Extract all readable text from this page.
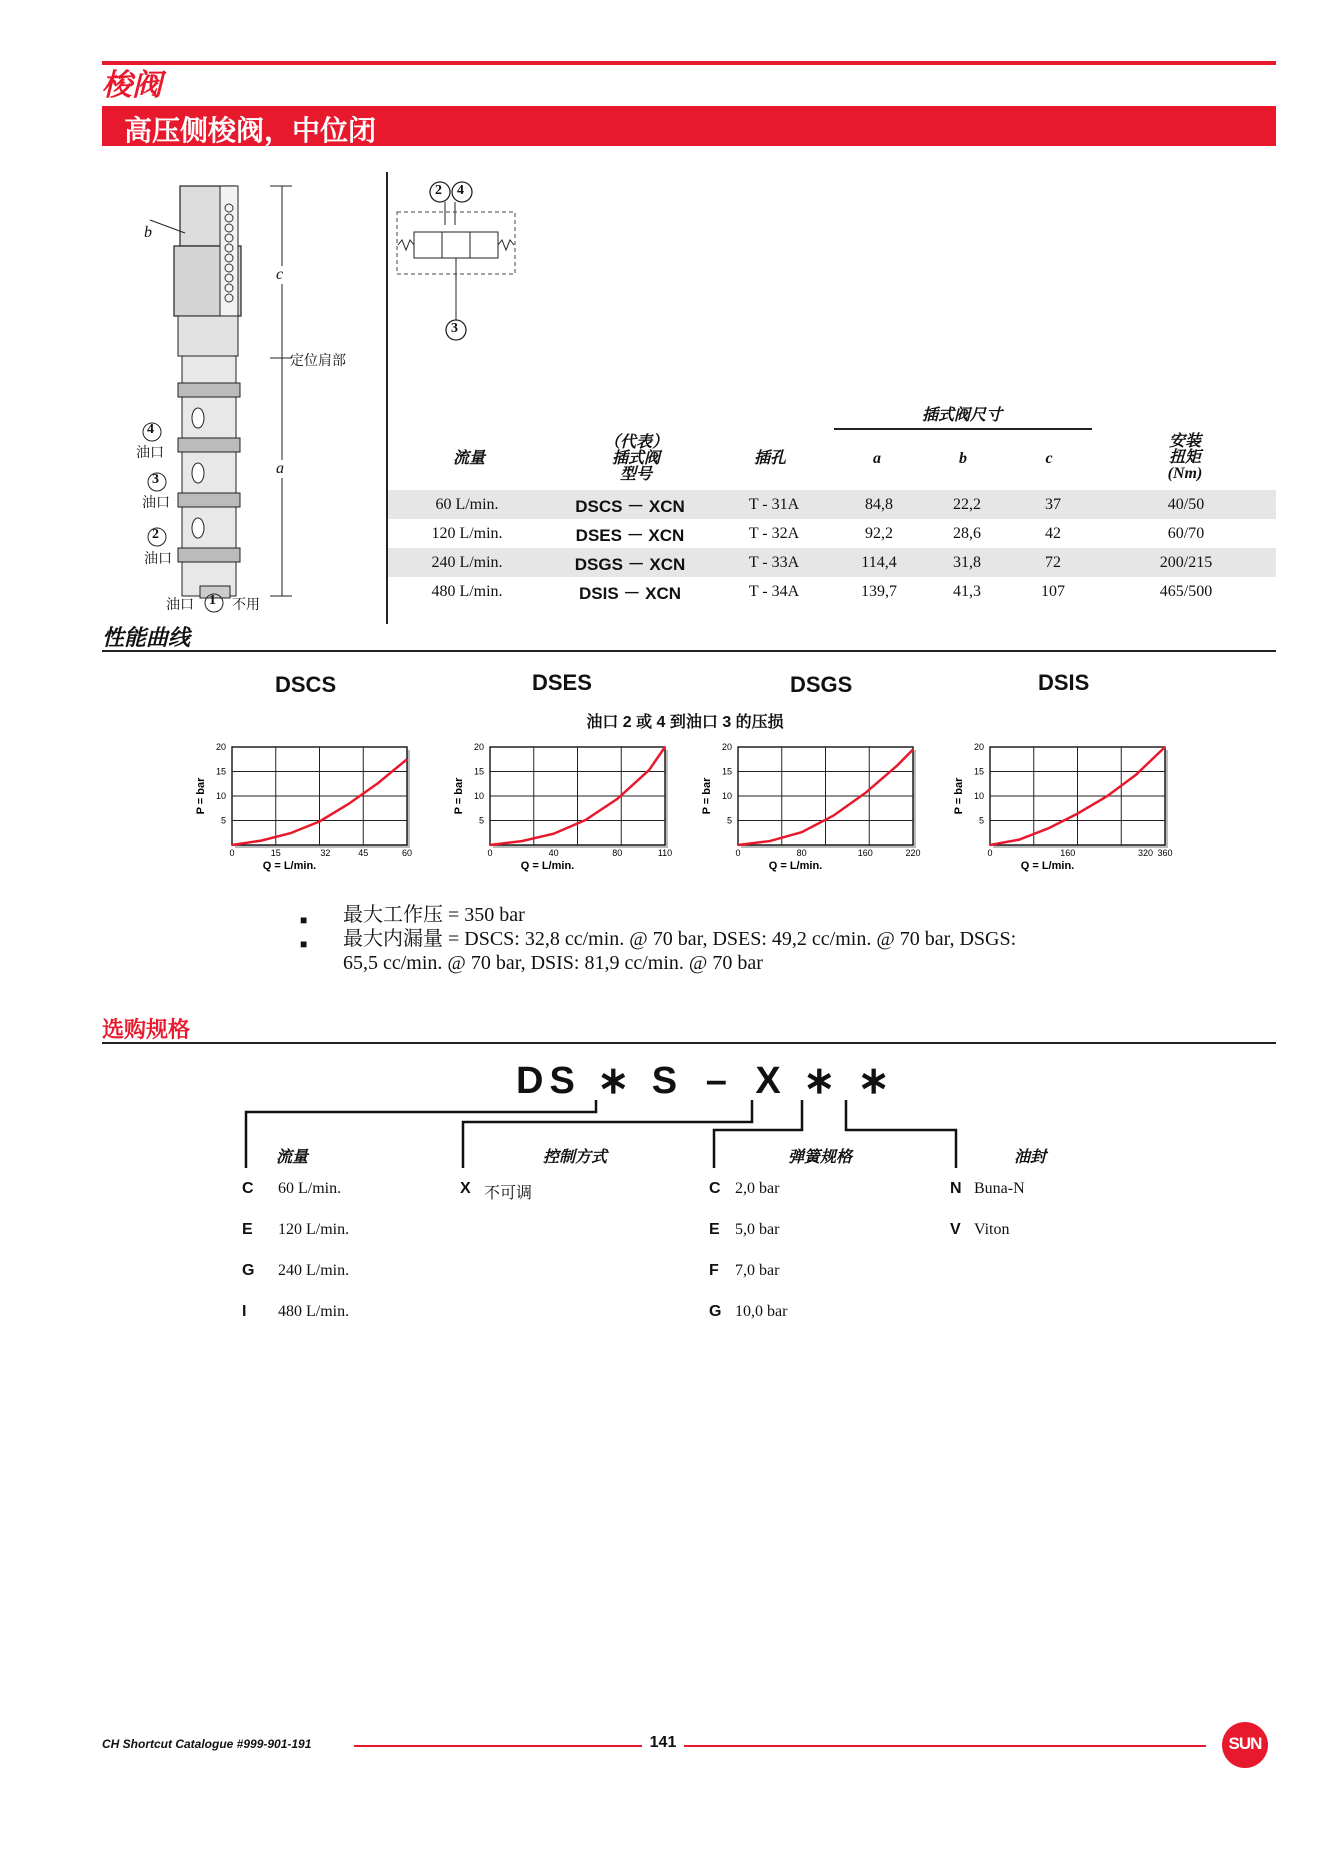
梭阀
高压侧梭阀，中位闭
b
c
a
定位肩部
4
油口
3
油口
2
油口
油口 1 不用
2 4
3
插式阀尺寸
流量
（代表）
插式阀
型号
插孔	a	b	c
安装
扭矩
(Nm)
60 L/min.	DSCS － XCN	T - 31A	84,8	22,2	37	40/50
120 L/min.	DSES － XCN	T - 32A	92,2	28,6	42	60/70
240 L/min.	DSGS － XCN	T - 33A	114,4	31,8	72	200/215
480 L/min.	DSIS － XCN	T - 34A	139,7	41,3	107	465/500
性能曲线
DSCS	DSES	DSGS	DSIS
油口 2 或 4 到油口 3 的压损
5
10
15
20
0	15	32	45	60
Q = L/min.
P = bar
5
10
15
20
0	40	80	110
Q = L/min.
P = bar
5
10
15
20
0	80	160	220
Q = L/min.
P = bar
5
10
15
20
0	160	320 360
Q = L/min.
P = bar
■ 最大工作压 = 350 bar
■ 最大内漏量 = DSCS: 32,8 cc/min. @ 70 bar, DSES: 49,2 cc/min. @ 70 bar, DSGS:
65,5 cc/min. @ 70 bar, DSIS: 81,9 cc/min. @ 70 bar
选购规格
DS ∗ S – X ∗ ∗
流量	控制方式	弹簧规格	油封
C 60 L/min.
E 120 L/min.
G 240 L/min.
I 480 L/min.
X 不可调	C 2,0 bar
E 5,0 bar
F 7,0 bar
G 10,0 bar
N Buna-N
V Viton
CH Shortcut Catalogue #999-901-191	141	SUN
